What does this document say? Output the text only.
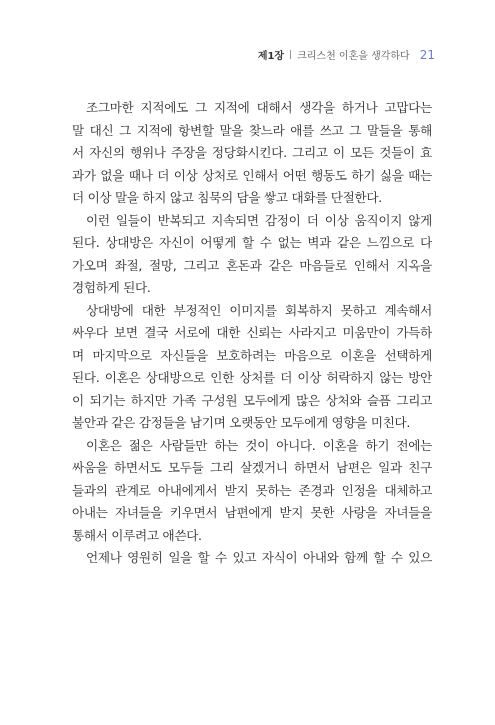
제1장 크리스천 이혼을 생각하다 21
조그마한 지적에도 그 지적에 대해서 생각을 하거나 고맙다는
말 대신 그 지적에 항변할 말을 찾느라 애를 쓰고 그 말들을 통해
서 자신의 행위나 주장을 정당화시킨다. 그리고 이 모든 것들이 효
과가 없을 때나 더 이상 상처로 인해서 어떤 행동도 하기 싫을 때는
더 이상 말을 하지 않고 침묵의 담을 쌓고 대화를 단절한다.
이런 일들이 반복되고 지속되면 감정이 더 이상 움직이지 않게
된다. 상대방은 자신이 어떻게 할 수 없는 벽과 같은 느낌으로 다
가오며 좌절, 절망, 그리고 혼돈과 같은 마음들로 인해서 지옥을
경험하게 된다.
상대방에 대한 부정적인 이미지를 회복하지 못하고 계속해서
싸우다 보면 결국 서로에 대한 신뢰는 사라지고 미움만이 가득하
며 마지막으로 자신들을 보호하려는 마음으로 이혼을 선택하게
된다. 이혼은 상대방으로 인한 상처를 더 이상 허락하지 않는 방안
이 되기는 하지만 가족 구성원 모두에게 많은 상처와 슬픔 그리고
불안과 같은 감정들을 남기며 오랫동안 모두에게 영향을 미친다.
이혼은 젊은 사람들만 하는 것이 아니다. 이혼을 하기 전에는
싸움을 하면서도 모두들 그리 살겠거니 하면서 남편은 일과 친구
들과의 관계로 아내에게서 받지 못하는 존경과 인정을 대체하고
아내는 자녀들을 키우면서 남편에게 받지 못한 사랑을 자녀들을
통해서 이루려고 애쓴다.
언제나 영원히 일을 할 수 있고 자식이 아내와 함께 할 수 있으
